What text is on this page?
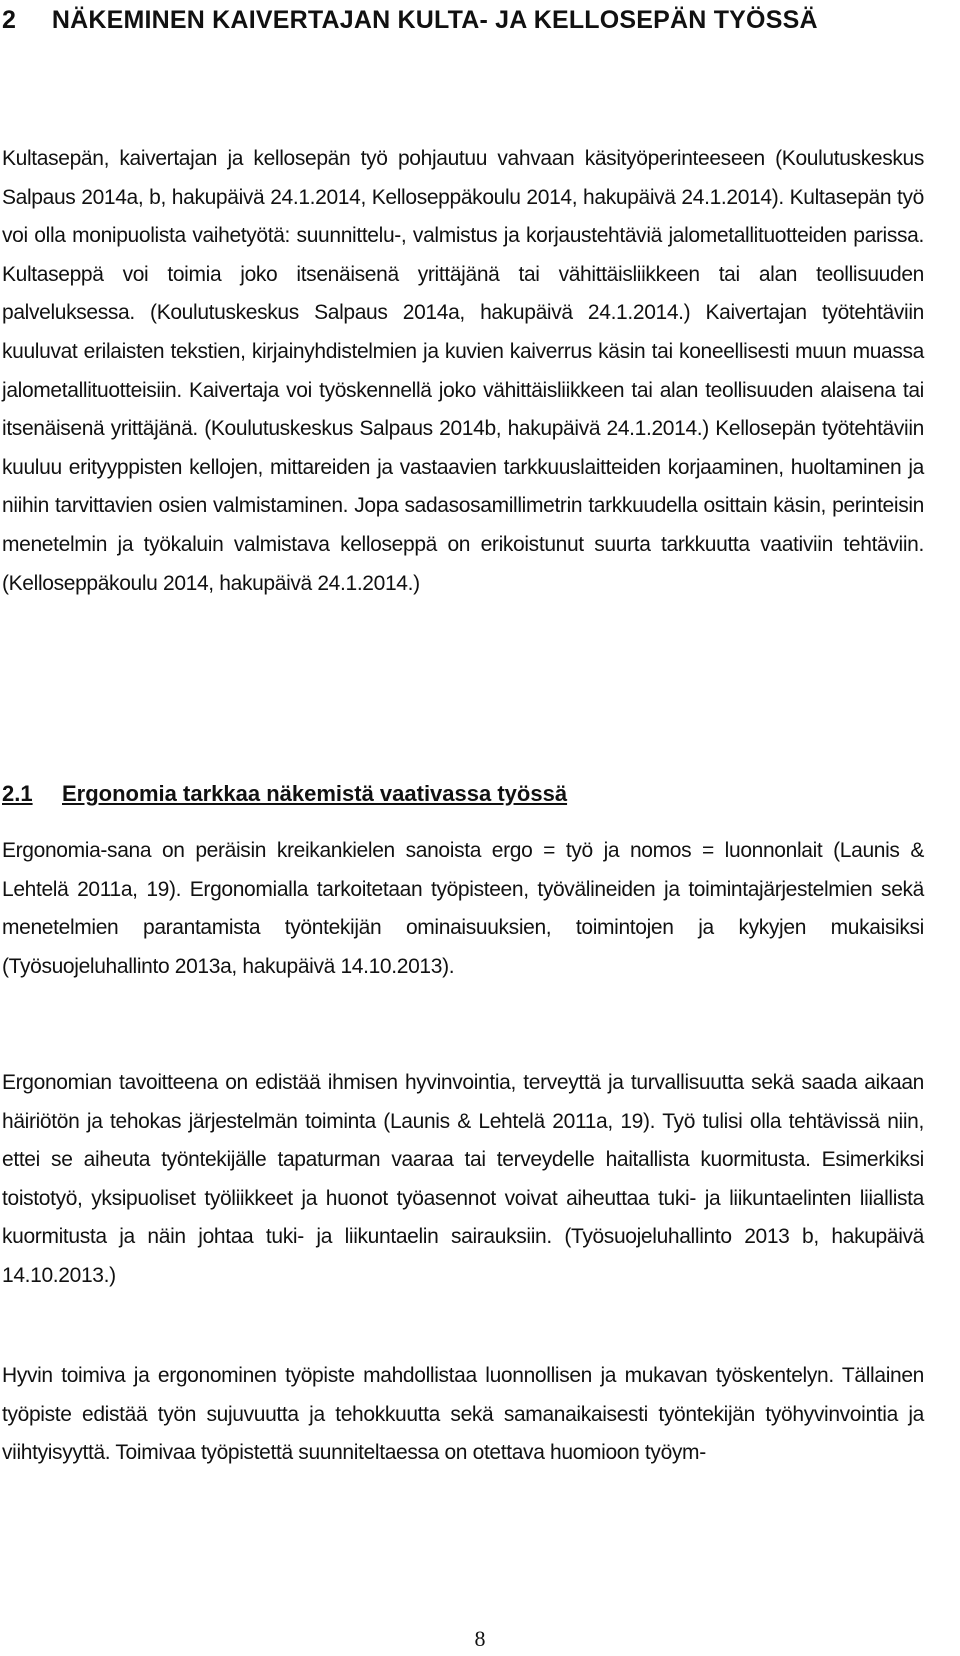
2 NÄKEMINEN KAIVERTAJAN KULTA- JA KELLOSEPÄN TYÖSSÄ

Kultasepän, kaivertajan ja kellosepän työ pohjautuu vahvaan käsityöperinteeseen (Koulutuskeskus Salpaus 2014a, b, hakupäivä 24.1.2014, Kelloseppäkoulu 2014, hakupäivä 24.1.2014). Kultasepän työ voi olla monipuolista vaihetyötä: suunnittelu-, valmistus ja korjaustehtäviä jalometallituotteiden parissa. Kultaseppä voi toimia joko itsenäisenä yrittäjänä tai vähittäisliikkeen tai alan teollisuuden palveluksessa. (Koulutuskeskus Salpaus 2014a, hakupäivä 24.1.2014.) Kaivertajan työtehtäviin kuuluvat erilaisten tekstien, kirjainyhdistelmien ja kuvien kaiverrus käsin tai koneellisesti muun muassa jalometallituotteisiin. Kaivertaja voi työskennellä joko vähittäisliikkeen tai alan teollisuuden alaisena tai itsenäisenä yrittäjänä. (Koulutuskeskus Salpaus 2014b, hakupäivä 24.1.2014.) Kellosepän työtehtäviin kuuluu erityyppisten kellojen, mittareiden ja vastaavien tarkkuuslaitteiden korjaaminen, huoltaminen ja niihin tarvittavien osien valmistaminen. Jopa sadasosamillimetrin tarkkuudella osittain käsin, perinteisin menetelmin ja työkaluin valmistava kelloseppä on erikoistunut suurta tarkkuutta vaativiin tehtäviin. (Kelloseppäkoulu 2014, hakupäivä 24.1.2014.)

2.1 Ergonomia tarkkaa näkemistä vaativassa työssä

Ergonomia-sana on peräisin kreikankielen sanoista ergo = työ ja nomos = luonnonlait (Launis & Lehtelä 2011a, 19). Ergonomialla tarkoitetaan työpisteen, työvälineiden ja toimintajärjestelmien sekä menetelmien parantamista työntekijän ominaisuuksien, toimintojen ja kykyjen mukaisiksi (Työsuojeluhallinto 2013a, hakupäivä 14.10.2013).

Ergonomian tavoitteena on edistää ihmisen hyvinvointia, terveyttä ja turvallisuutta sekä saada aikaan häiriötön ja tehokas järjestelmän toiminta (Launis & Lehtelä 2011a, 19). Työ tulisi olla tehtävissä niin, ettei se aiheuta työntekijälle tapaturman vaaraa tai terveydelle haitallista kuormitusta. Esimerkiksi toistotyö, yksipuoliset työliikkeet ja huonot työasennot voivat aiheuttaa tuki- ja liikuntaelinten liiallista kuormitusta ja näin johtaa tuki- ja liikuntaelin sairauksiin. (Työsuojeluhallinto 2013 b, hakupäivä 14.10.2013.)

Hyvin toimiva ja ergonominen työpiste mahdollistaa luonnollisen ja mukavan työskentelyn. Tällainen työpiste edistää työn sujuvuutta ja tehokkuutta sekä samanaikaisesti työntekijän työhyvinvointia ja viihtyisyyttä. Toimivaa työpistettä suunniteltaessa on otettava huomioon työym-

8
